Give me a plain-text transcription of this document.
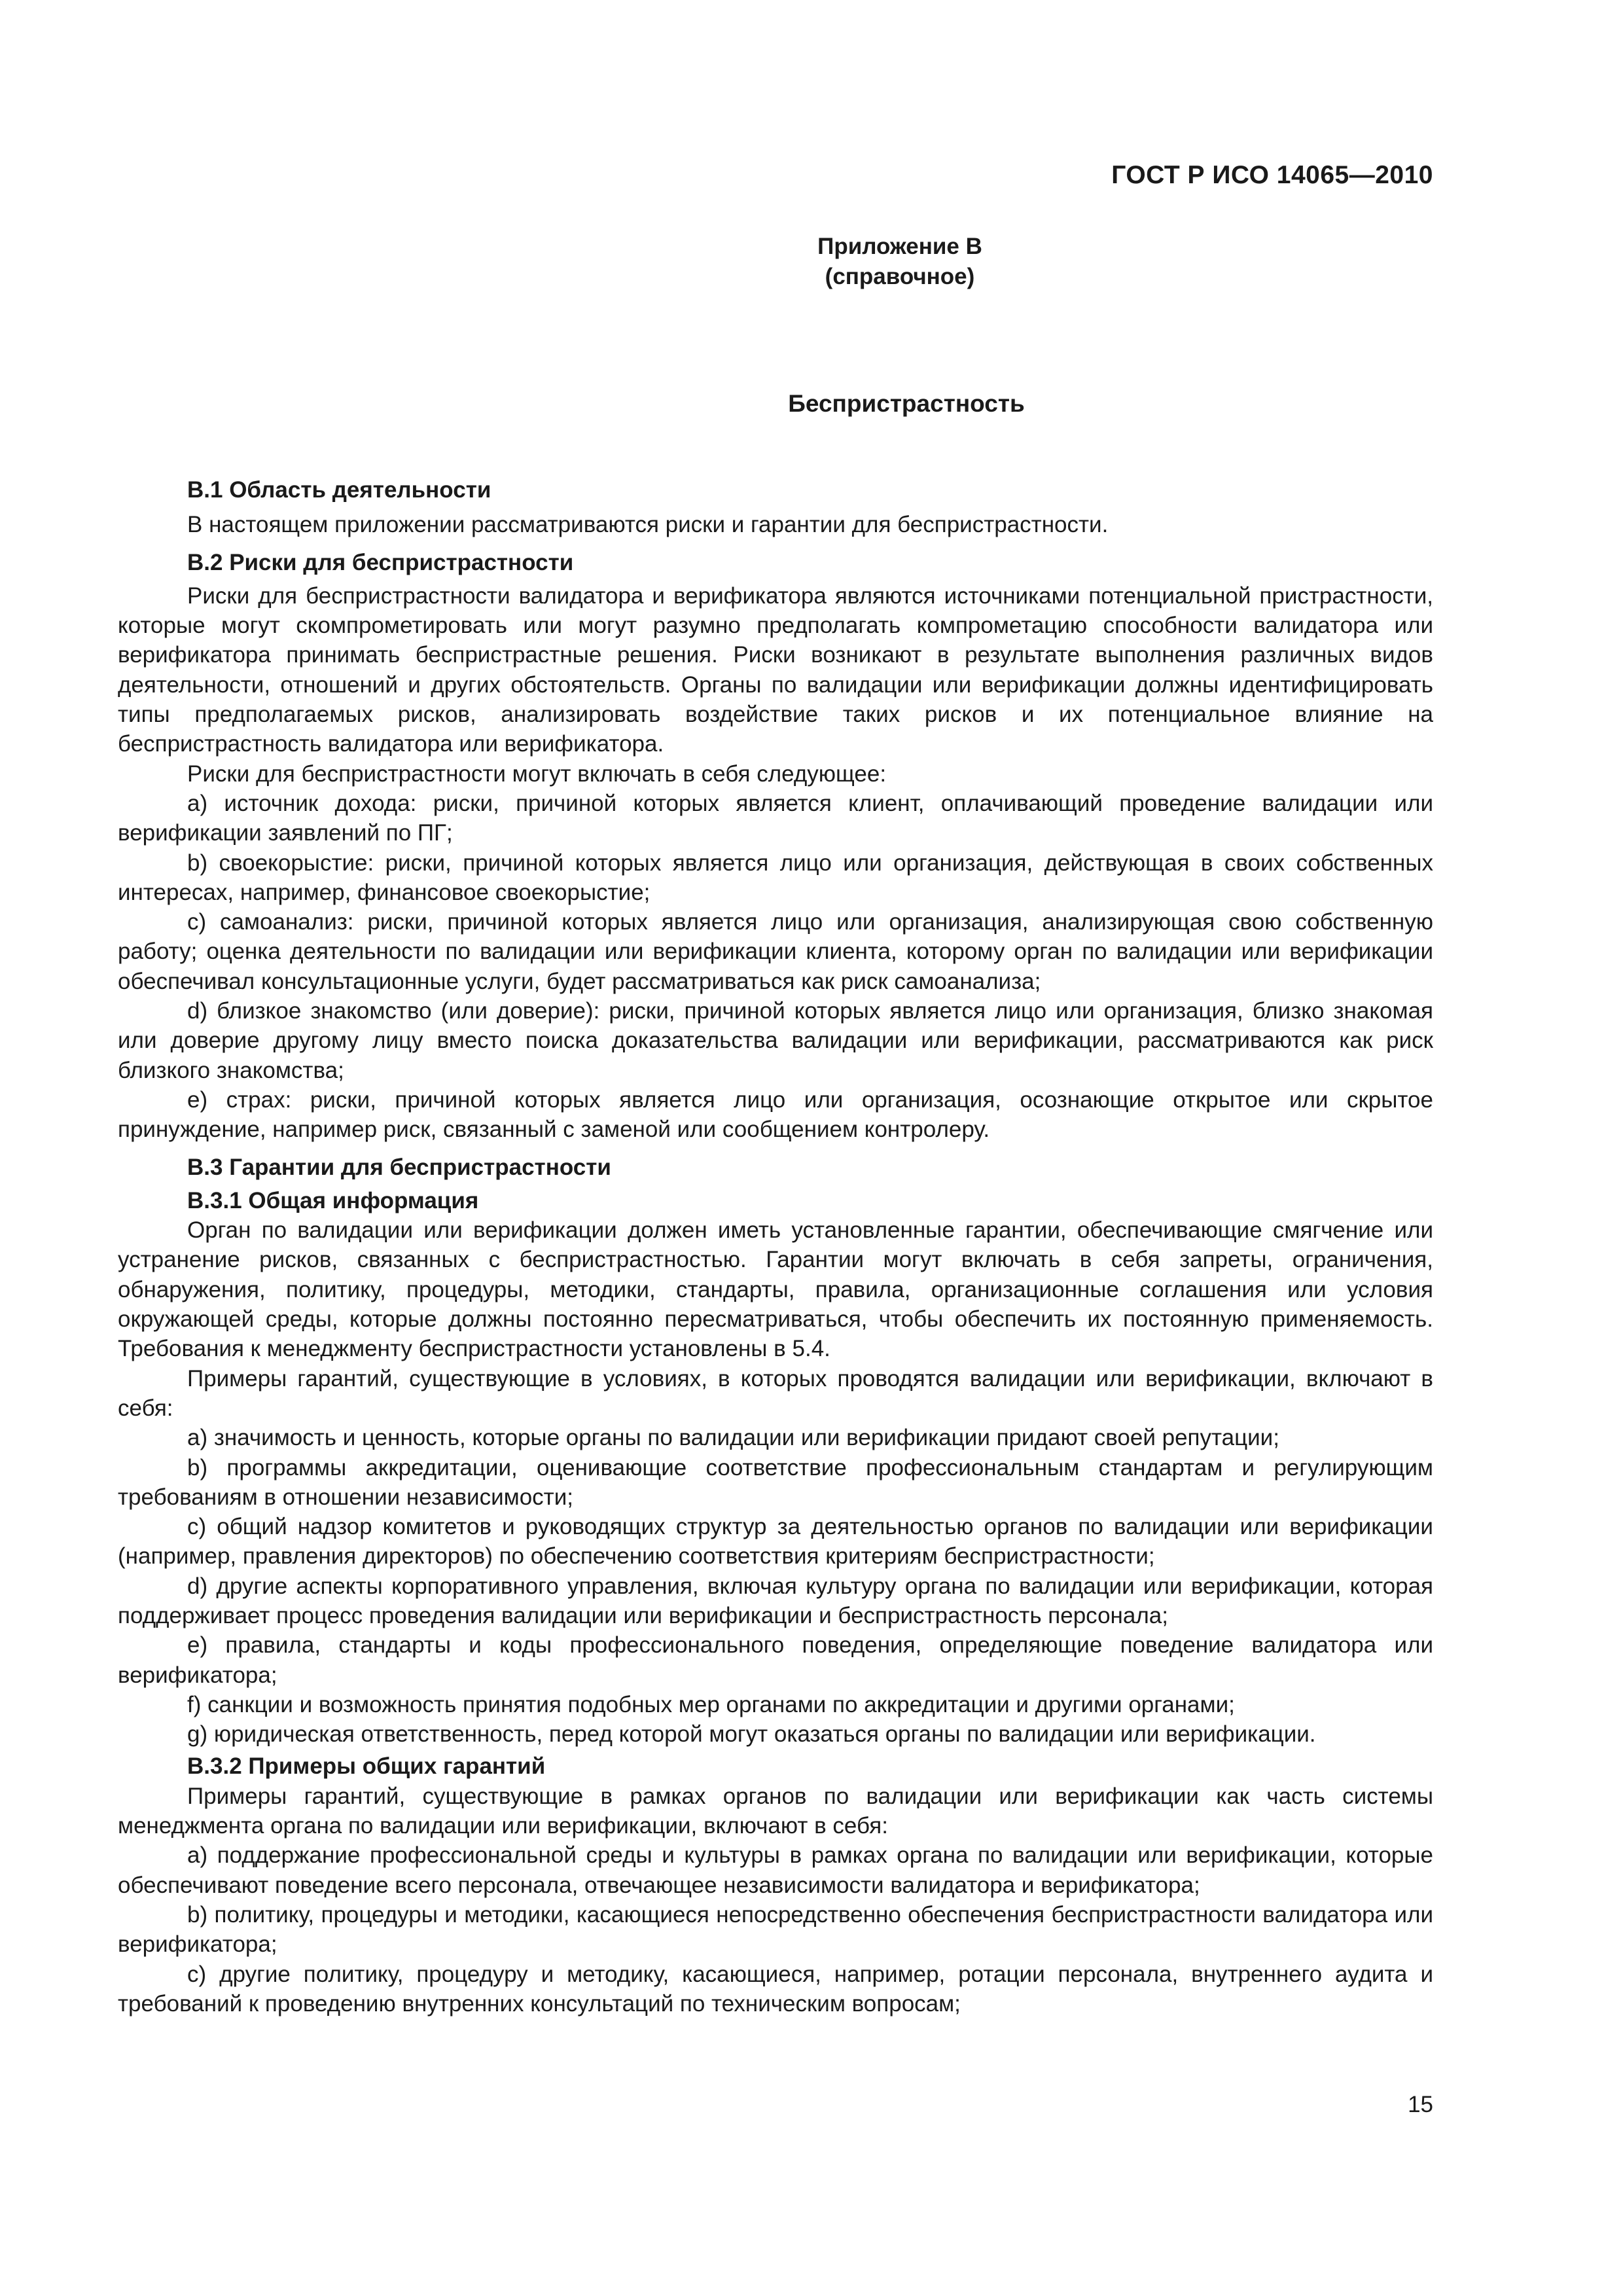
ГОСТ Р ИСО 14065—2010
Приложение В
(справочное)
Беспристрастность
В.1 Область деятельности

В настоящем приложении рассматриваются риски и гарантии для беспристрастности.

В.2 Риски для беспристрастности

Риски для беспристрастности валидатора и верификатора являются источниками потенциальной пристрастности, которые могут скомпрометировать или могут разумно предполагать компрометацию способности валидатора или верификатора принимать беспристрастные решения. Риски возникают в результате выполнения различных видов деятельности, отношений и других обстоятельств. Органы по валидации или верификации должны идентифицировать типы предполагаемых рисков, анализировать воздействие таких рисков и их потенциальное влияние на беспристрастность валидатора или верификатора.

Риски для беспристрастности могут включать в себя следующее:

a) источник дохода: риски, причиной которых является клиент, оплачивающий проведение валидации или верификации заявлений по ПГ;

b) своекорыстие: риски, причиной которых является лицо или организация, действующая в своих собственных интересах, например, финансовое своекорыстие;

c) самоанализ: риски, причиной которых является лицо или организация, анализирующая свою собственную работу; оценка деятельности по валидации или верификации клиента, которому орган по валидации или верификации обеспечивал консультационные услуги, будет рассматриваться как риск самоанализа;

d) близкое знакомство (или доверие): риски, причиной которых является лицо или организация, близко знакомая или доверие другому лицу вместо поиска доказательства валидации или верификации, рассматриваются как риск близкого знакомства;

e) страх: риски, причиной которых является лицо или организация, осознающие открытое или скрытое принуждение, например риск, связанный с заменой или сообщением контролеру.

В.3 Гарантии для беспристрастности
В.3.1 Общая информация

Орган по валидации или верификации должен иметь установленные гарантии, обеспечивающие смягчение или устранение рисков, связанных с беспристрастностью. Гарантии могут включать в себя запреты, ограничения, обнаружения, политику, процедуры, методики, стандарты, правила, организационные соглашения или условия окружающей среды, которые должны постоянно пересматриваться, чтобы обеспечить их постоянную применяемость. Требования к менеджменту беспристрастности установлены в 5.4.

Примеры гарантий, существующие в условиях, в которых проводятся валидации или верификации, включают в себя:

a) значимость и ценность, которые органы по валидации или верификации придают своей репутации;

b) программы аккредитации, оценивающие соответствие профессиональным стандартам и регулирующим требованиям в отношении независимости;

c) общий надзор комитетов и руководящих структур за деятельностью органов по валидации или верификации (например, правления директоров) по обеспечению соответствия критериям беспристрастности;

d) другие аспекты корпоративного управления, включая культуру органа по валидации или верификации, которая поддерживает процесс проведения валидации или верификации и беспристрастность персонала;

e) правила, стандарты и коды профессионального поведения, определяющие поведение валидатора или верификатора;

f) санкции и возможность принятия подобных мер органами по аккредитации и другими органами;

g) юридическая ответственность, перед которой могут оказаться органы по валидации или верификации.

В.3.2 Примеры общих гарантий

Примеры гарантий, существующие в рамках органов по валидации или верификации как часть системы менеджмента органа по валидации или верификации, включают в себя:

a) поддержание профессиональной среды и культуры в рамках органа по валидации или верификации, которые обеспечивают поведение всего персонала, отвечающее независимости валидатора и верификатора;

b) политику, процедуры и методики, касающиеся непосредственно обеспечения беспристрастности валидатора или верификатора;

c) другие политику, процедуру и методику, касающиеся, например, ротации персонала, внутреннего аудита и требований к проведению внутренних консультаций по техническим вопросам;

15
